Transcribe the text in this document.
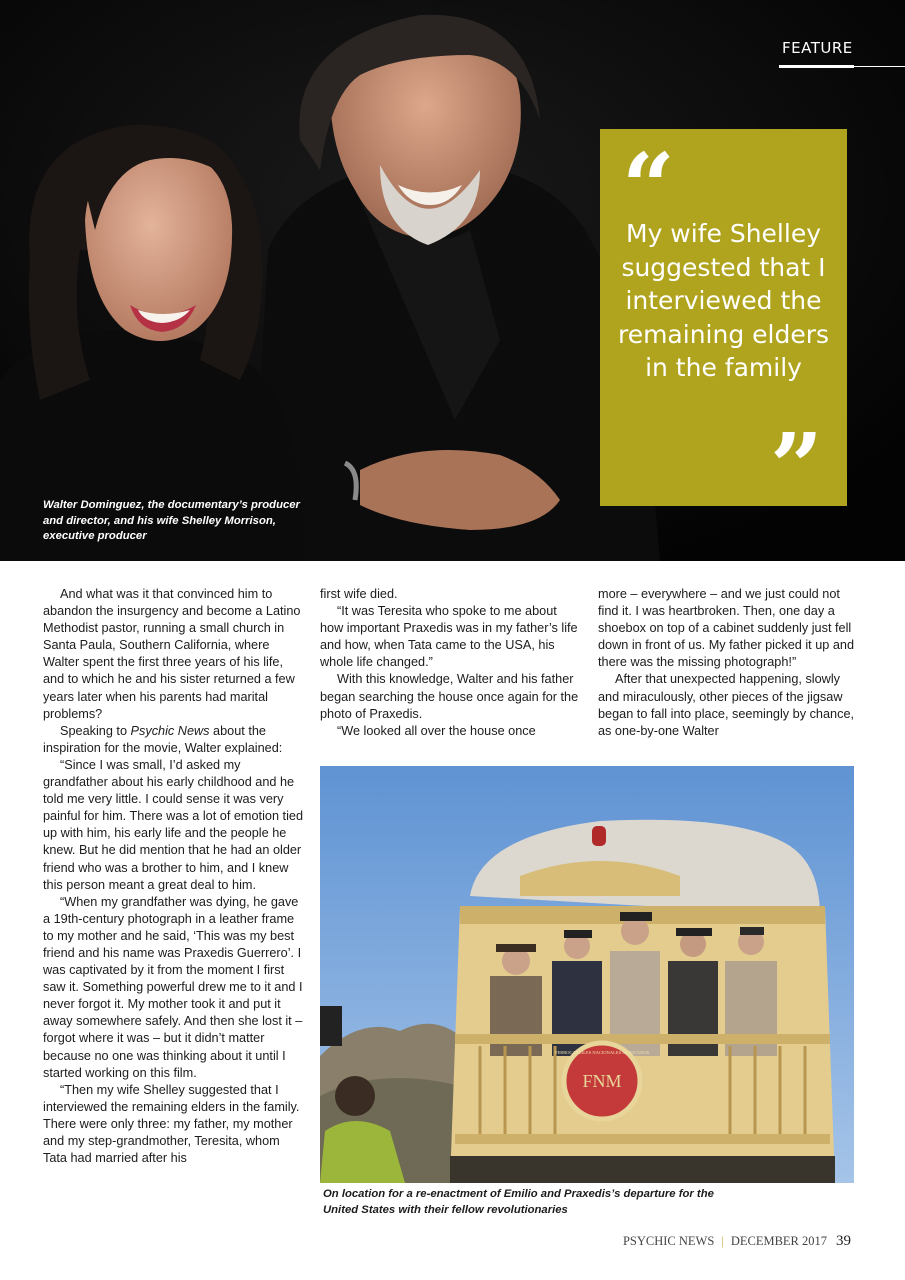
FEATURE
“
My wife Shelley suggested that I interviewed the remaining elders in the family
”
Walter Dominguez, the documentary’s producer and director, and his wife Shelley Morrison, executive producer

And what was it that convinced him to abandon the insurgency and become a Latino Methodist pastor, running a small church in Santa Paula, Southern California, where Walter spent the first three years of his life, and to which he and his sister returned a few years later when his parents had marital problems?

Speaking to Psychic News about the inspiration for the movie, Walter explained:

“Since I was small, I’d asked my grandfather about his early childhood and he told me very little. I could sense it was very painful for him. There was a lot of emotion tied up with him, his early life and the people he knew. But he did mention that he had an older friend who was a brother to him, and I knew this person meant a great deal to him.

“When my grandfather was dying, he gave a 19th-century photograph in a leather frame to my mother and he said, ‘This was my best friend and his name was Praxedis Guerrero’. I was captivated by it from the moment I first saw it. Something powerful drew me to it and I never forgot it. My mother took it and put it away somewhere safely. And then she lost it – forgot where it was – but it didn’t matter because no one was thinking about it until I started working on this film.

“Then my wife Shelley suggested that I interviewed the remaining elders in the family. There were only three: my father, my mother and my step-grandmother, Teresita, whom Tata had married after his

first wife died.

“It was Teresita who spoke to me about how important Praxedis was in my father’s life and how, when Tata came to the USA, his whole life changed.”

With this knowledge, Walter and his father began searching the house once again for the photo of Praxedis.

“We looked all over the house once

more – everywhere – and we just could not find it. I was heartbroken. Then, one day a shoebox on top of a cabinet suddenly just fell down in front of us. My father picked it up and there was the missing photograph!”

After that unexpected happening, slowly and miraculously, other pieces of the jigsaw began to fall into place, seemingly by chance, as one-by-one Walter

FNM
FERROCARRILES NACIONALES MEXICANOS
On location for a re-enactment of Emilio and Praxedis’s departure for the United States with their fellow revolutionaries
PSYCHIC NEWS | DECEMBER 2017 39
